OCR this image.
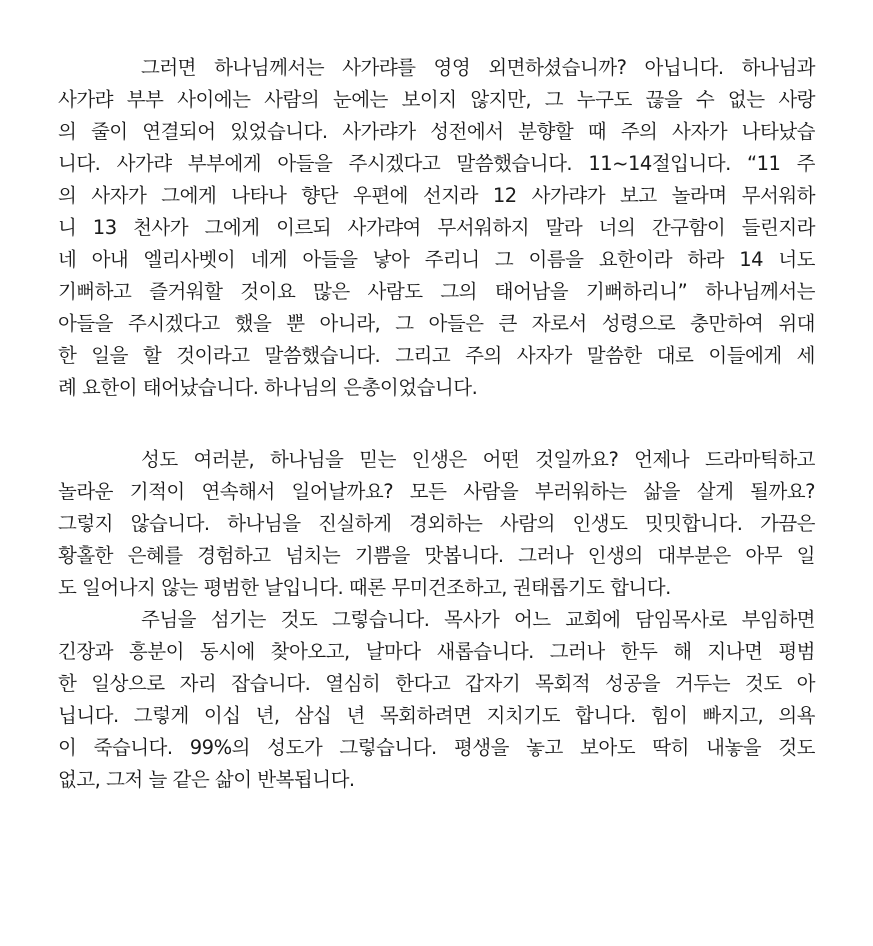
그러면 하나님께서는 사가랴를 영영 외면하셨습니까? 아닙니다. 하나님과
사가랴 부부 사이에는 사람의 눈에는 보이지 않지만, 그 누구도 끊을 수 없는 사랑
의 줄이 연결되어 있었습니다. 사가랴가 성전에서 분향할 때 주의 사자가 나타났습
니다. 사가랴 부부에게 아들을 주시겠다고 말씀했습니다. 11~14절입니다. “11 주
의 사자가 그에게 나타나 향단 우편에 선지라 12 사가랴가 보고 놀라며 무서워하
니 13 천사가 그에게 이르되 사가랴여 무서워하지 말라 너의 간구함이 들린지라
네 아내 엘리사벳이 네게 아들을 낳아 주리니 그 이름을 요한이라 하라 14 너도
기뻐하고 즐거워할 것이요 많은 사람도 그의 태어남을 기뻐하리니” 하나님께서는
아들을 주시겠다고 했을 뿐 아니라, 그 아들은 큰 자로서 성령으로 충만하여 위대
한 일을 할 것이라고 말씀했습니다. 그리고 주의 사자가 말씀한 대로 이들에게 세
례 요한이 태어났습니다. 하나님의 은총이었습니다.
성도 여러분, 하나님을 믿는 인생은 어떤 것일까요? 언제나 드라마틱하고
놀라운 기적이 연속해서 일어날까요? 모든 사람을 부러워하는 삶을 살게 될까요?
그렇지 않습니다. 하나님을 진실하게 경외하는 사람의 인생도 밋밋합니다. 가끔은
황홀한 은혜를 경험하고 넘치는 기쁨을 맛봅니다. 그러나 인생의 대부분은 아무 일
도 일어나지 않는 평범한 날입니다. 때론 무미건조하고, 권태롭기도 합니다.
주님을 섬기는 것도 그렇습니다. 목사가 어느 교회에 담임목사로 부임하면
긴장과 흥분이 동시에 찾아오고, 날마다 새롭습니다. 그러나 한두 해 지나면 평범
한 일상으로 자리 잡습니다. 열심히 한다고 갑자기 목회적 성공을 거두는 것도 아
닙니다. 그렇게 이십 년, 삼십 년 목회하려면 지치기도 합니다. 힘이 빠지고, 의욕
이 죽습니다. 99%의 성도가 그렇습니다. 평생을 놓고 보아도 딱히 내놓을 것도
없고, 그저 늘 같은 삶이 반복됩니다.
